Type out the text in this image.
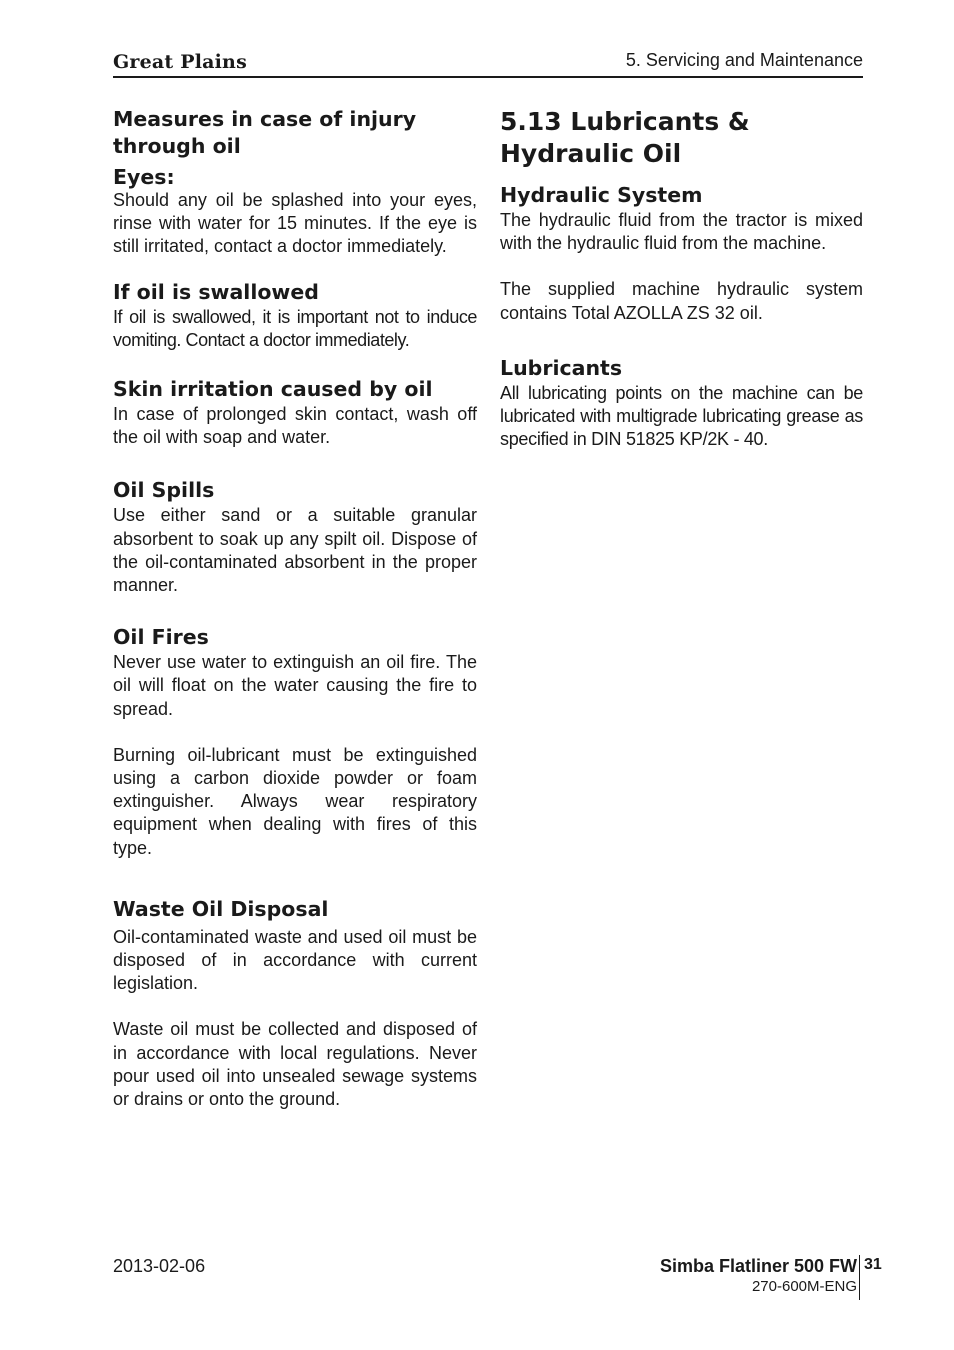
Great Plains	5. Servicing and Maintenance
Measures in case of injury through oil
Eyes:

Should any oil be splashed into your eyes, rinse with water for 15 minutes. If the eye is still irritated, contact a doctor immediately.

If oil is swallowed

If oil is swallowed, it is important not to induce vomiting. Contact a doctor immediately.

Skin irritation caused by oil

In case of prolonged skin contact, wash off the oil with soap and water.

Oil Spills

Use either sand or a suitable granular absorbent to soak up any spilt oil. Dispose of the oil-contaminated absorbent in the proper manner.

Oil Fires

Never use water to extinguish an oil fire. The oil will float on the water causing the fire to spread.

Burning oil-lubricant must be extinguished using a carbon dioxide powder or foam extinguisher. Always wear respiratory equipment when dealing with fires of this type.

Waste Oil Disposal

Oil-contaminated waste and used oil must be disposed of in accordance with current legislation.

Waste oil must be collected and disposed of in accordance with local regulations. Never pour used oil into unsealed sewage systems or drains or onto the ground.

5.13 Lubricants & Hydraulic Oil
Hydraulic System

The hydraulic fluid from the tractor is mixed with the hydraulic fluid from the machine.

The supplied machine hydraulic system contains Total AZOLLA ZS 32 oil.

Lubricants

All lubricating points on the machine can be lubricated with multigrade lubricating grease as specified in DIN 51825 KP/2K - 40.

2013-02-06	Simba Flatliner 500 FW
270-600M-ENG
31
